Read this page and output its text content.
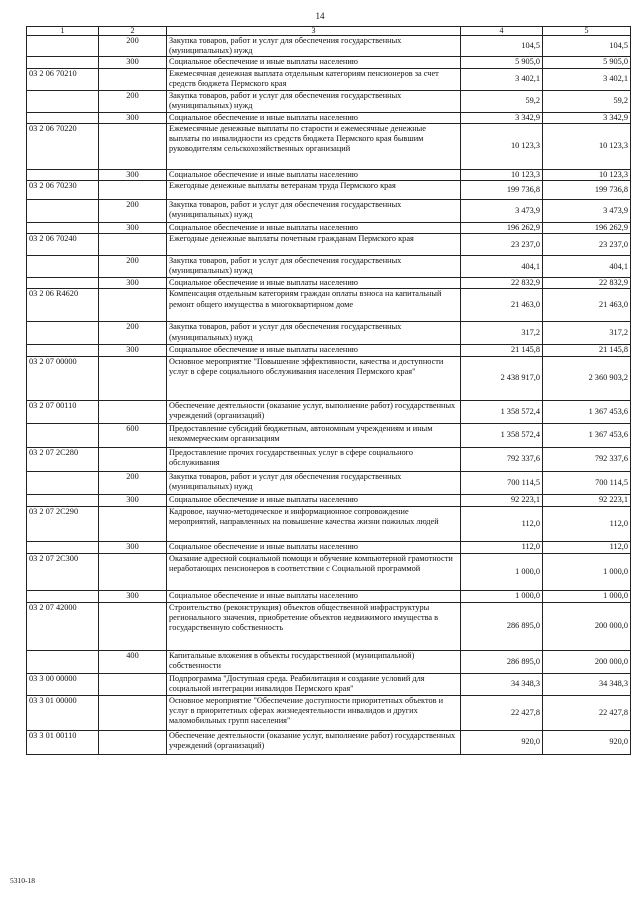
14
1	2	3	4	5
	200	Закупка товаров, работ и услуг для обеспечения государственных (муниципальных) нужд	104,5	104,5
	300	Социальное обеспечение и иные выплаты населению	5 905,0	5 905,0
03 2 06 70210		Ежемесячная денежная выплата отдельным категориям пенсионеров за счет средств бюджета Пермского края	3 402,1	3 402,1
	200	Закупка товаров, работ и услуг для обеспечения государственных (муниципальных) нужд	59,2	59,2
	300	Социальное обеспечение и иные выплаты населению	3 342,9	3 342,9
03 2 06 70220		Ежемесячные денежные выплаты по старости и ежемесячные денежные выплаты по инвалидности из средств бюджета Пермского края бывшим руководителям сельскохозяйственных организаций	10 123,3	10 123,3
	300	Социальное обеспечение и иные выплаты населению	10 123,3	10 123,3
03 2 06 70230		Ежегодные денежные выплаты ветеранам труда Пермского края	199 736,8	199 736,8
	200	Закупка товаров, работ и услуг для обеспечения государственных (муниципальных) нужд	3 473,9	3 473,9
	300	Социальное обеспечение и иные выплаты населению	196 262,9	196 262,9
03 2 06 70240		Ежегодные денежные выплаты почетным гражданам Пермского края	23 237,0	23 237,0
	200	Закупка товаров, работ и услуг для обеспечения государственных (муниципальных) нужд	404,1	404,1
	300	Социальное обеспечение и иные выплаты населению	22 832,9	22 832,9
03 2 06 R4620		Компенсация отдельным категориям граждан оплаты взноса на капитальный ремонт общего имущества в многоквартирном доме	21 463,0	21 463,0
	200	Закупка товаров, работ и услуг для обеспечения государственных (муниципальных) нужд	317,2	317,2
	300	Социальное обеспечение и иные выплаты населению	21 145,8	21 145,8
03 2 07 00000		Основное мероприятие "Повышение эффективности, качества и доступности услуг в сфере социального обслуживания населения Пермского края"	2 438 917,0	2 360 903,2
03 2 07 00110		Обеспечение деятельности (оказание услуг, выполнение работ) государственных учреждений (организаций)	1 358 572,4	1 367 453,6
	600	Предоставление субсидий бюджетным, автономным учреждениям и иным некоммерческим организациям	1 358 572,4	1 367 453,6
03 2 07 2С280		Предоставление прочих государственных услуг в сфере социального обслуживания	792 337,6	792 337,6
	200	Закупка товаров, работ и услуг для обеспечения государственных (муниципальных) нужд	700 114,5	700 114,5
	300	Социальное обеспечение и иные выплаты населению	92 223,1	92 223,1
03 2 07 2С290		Кадровое, научно-методическое и информационное сопровождение мероприятий, направленных на повышение качества жизни пожилых людей	112,0	112,0
	300	Социальное обеспечение и иные выплаты населению	112,0	112,0
03 2 07 2С300		Оказание адресной социальной помощи и обучение компьютерной грамотности неработающих пенсионеров в соответствии с Социальной программой	1 000,0	1 000,0
	300	Социальное обеспечение и иные выплаты населению	1 000,0	1 000,0
03 2 07 42000		Строительство (реконструкция) объектов общественной инфраструктуры регионального значения, приобретение объектов недвижимого имущества в государственную собственность	286 895,0	200 000,0
	400	Капитальные вложения в объекты государственной (муниципальной) собственности	286 895,0	200 000,0
03 3 00 00000		Подпрограмма "Доступная среда. Реабилитация и создание условий для социальной интеграции инвалидов Пермского края"	34 348,3	34 348,3
03 3 01 00000		Основное мероприятие "Обеспечение доступности приоритетных объектов и услуг в приоритетных сферах жизнедеятельности инвалидов и других маломобильных групп населения"	22 427,8	22 427,8
03 3 01 00110		Обеспечение деятельности (оказание услуг, выполнение работ) государственных учреждений (организаций)	920,0	920,0
5310-18
